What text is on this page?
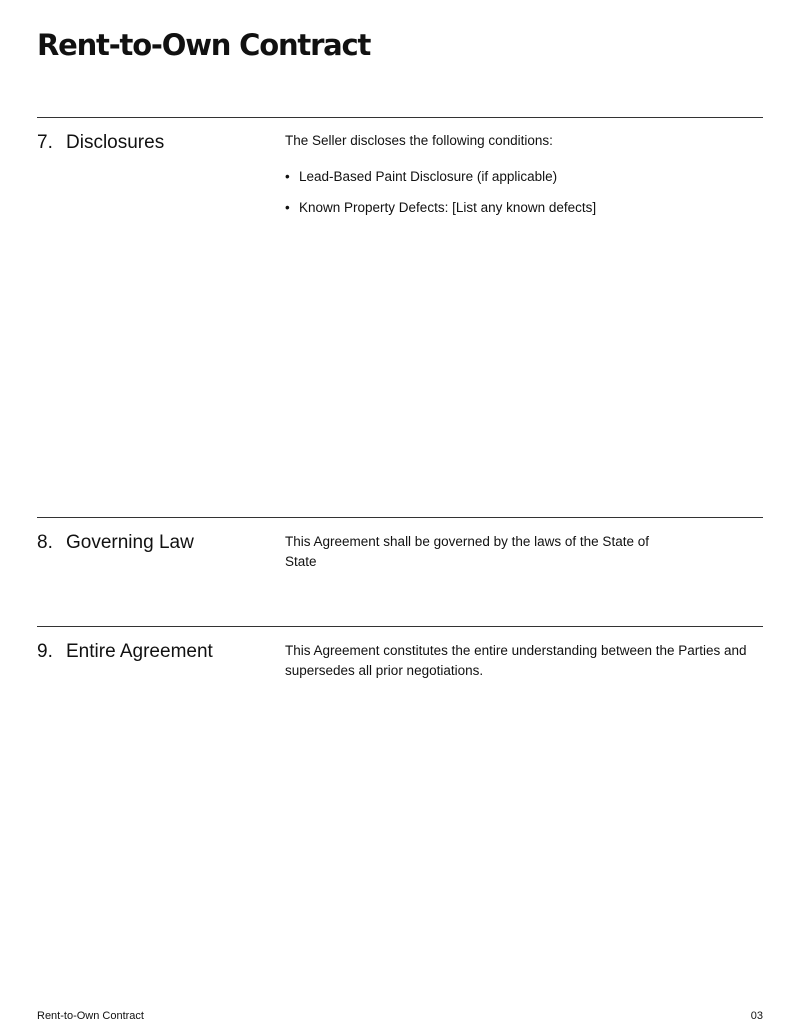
Rent-to-Own Contract
7. Disclosures	The Seller discloses the following conditions:

• Lead-Based Paint Disclosure (if applicable)
• Known Property Defects: [List any known defects]
8. Governing Law	This Agreement shall be governed by the laws of the State of
State

9. Entire Agreement	This Agreement constitutes the entire understanding between the Parties and supersedes all prior negotiations.

Rent-to-Own Contract	03
